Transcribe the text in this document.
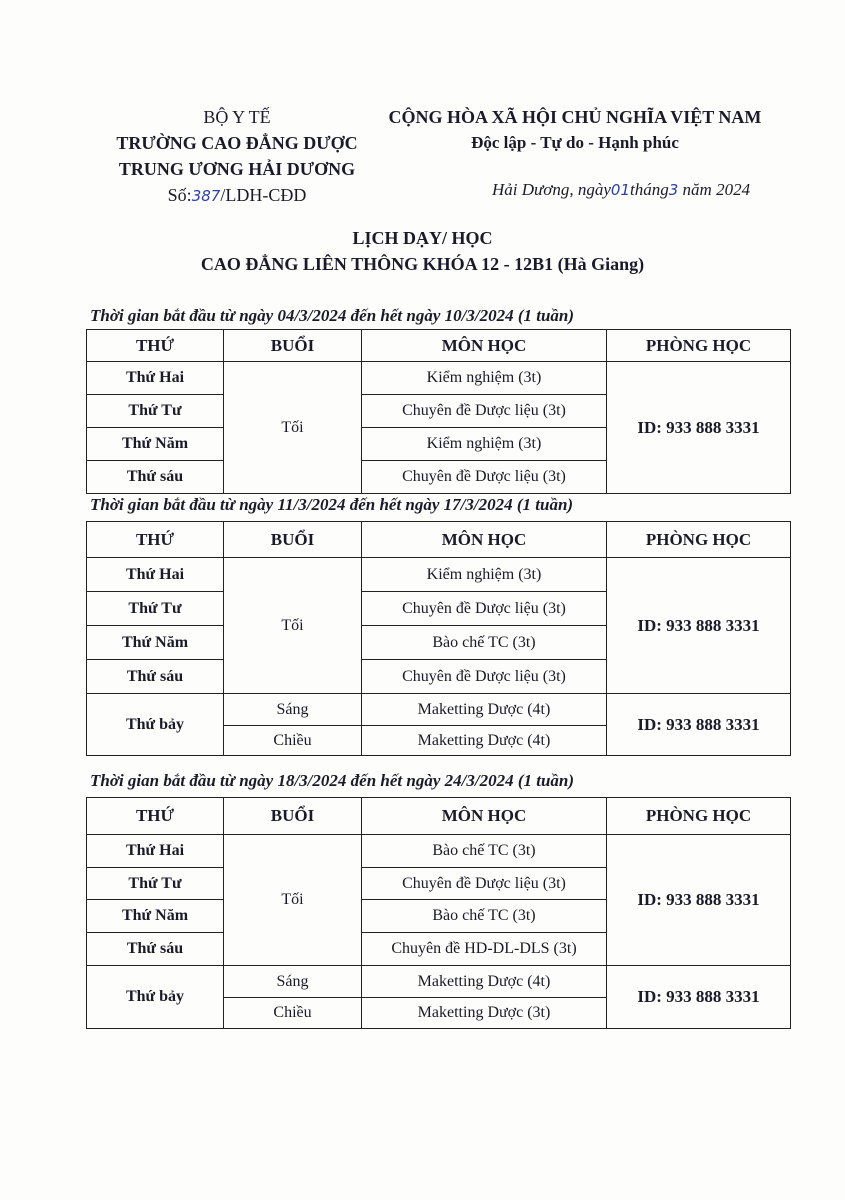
BỘ Y TẾ
TRƯỜNG CAO ĐẲNG DƯỢC
TRUNG ƯƠNG HẢI DƯƠNG
Số:387/LDH-CĐD
CỘNG HÒA XÃ HỘI CHỦ NGHĨA VIỆT NAM
Độc lập - Tự do - Hạnh phúc
Hải Dương, ngày01tháng3 năm 2024
LỊCH DẠY/ HỌC
CAO ĐẲNG LIÊN THÔNG KHÓA 12 - 12B1 (Hà Giang)
Thời gian bắt đầu từ ngày 04/3/2024 đến hết ngày 10/3/2024 (1 tuần)
THỨ	BUỔI	MÔN HỌC	PHÒNG HỌC
Thứ Hai	Tối	Kiểm nghiệm (3t)	ID: 933 888 3331
Thứ Tư		Chuyên đề Dược liệu (3t)	
Thứ Năm		Kiểm nghiệm (3t)	
Thứ sáu		Chuyên đề Dược liệu (3t)	
Thời gian bắt đầu từ ngày 11/3/2024 đến hết ngày 17/3/2024 (1 tuần)
THỨ	BUỔI	MÔN HỌC	PHÒNG HỌC
Thứ Hai	Tối	Kiểm nghiệm (3t)	ID: 933 888 3331
Thứ Tư		Chuyên đề Dược liệu (3t)	
Thứ Năm		Bào chế TC (3t)	
Thứ sáu		Chuyên đề Dược liệu (3t)	
Thứ bảy	Sáng	Maketting Dược (4t)	ID: 933 888 3331
	Chiều	Maketting Dược (4t)	
Thời gian bắt đầu từ ngày 18/3/2024 đến hết ngày 24/3/2024 (1 tuần)
THỨ	BUỔI	MÔN HỌC	PHÒNG HỌC
Thứ Hai	Tối	Bào chế TC (3t)	ID: 933 888 3331
Thứ Tư		Chuyên đề Dược liệu (3t)	
Thứ Năm		Bào chế TC (3t)	
Thứ sáu		Chuyên đề HD-DL-DLS (3t)	
Thứ bảy	Sáng	Maketting Dược (4t)	ID: 933 888 3331
	Chiều	Maketting Dược (3t)	
